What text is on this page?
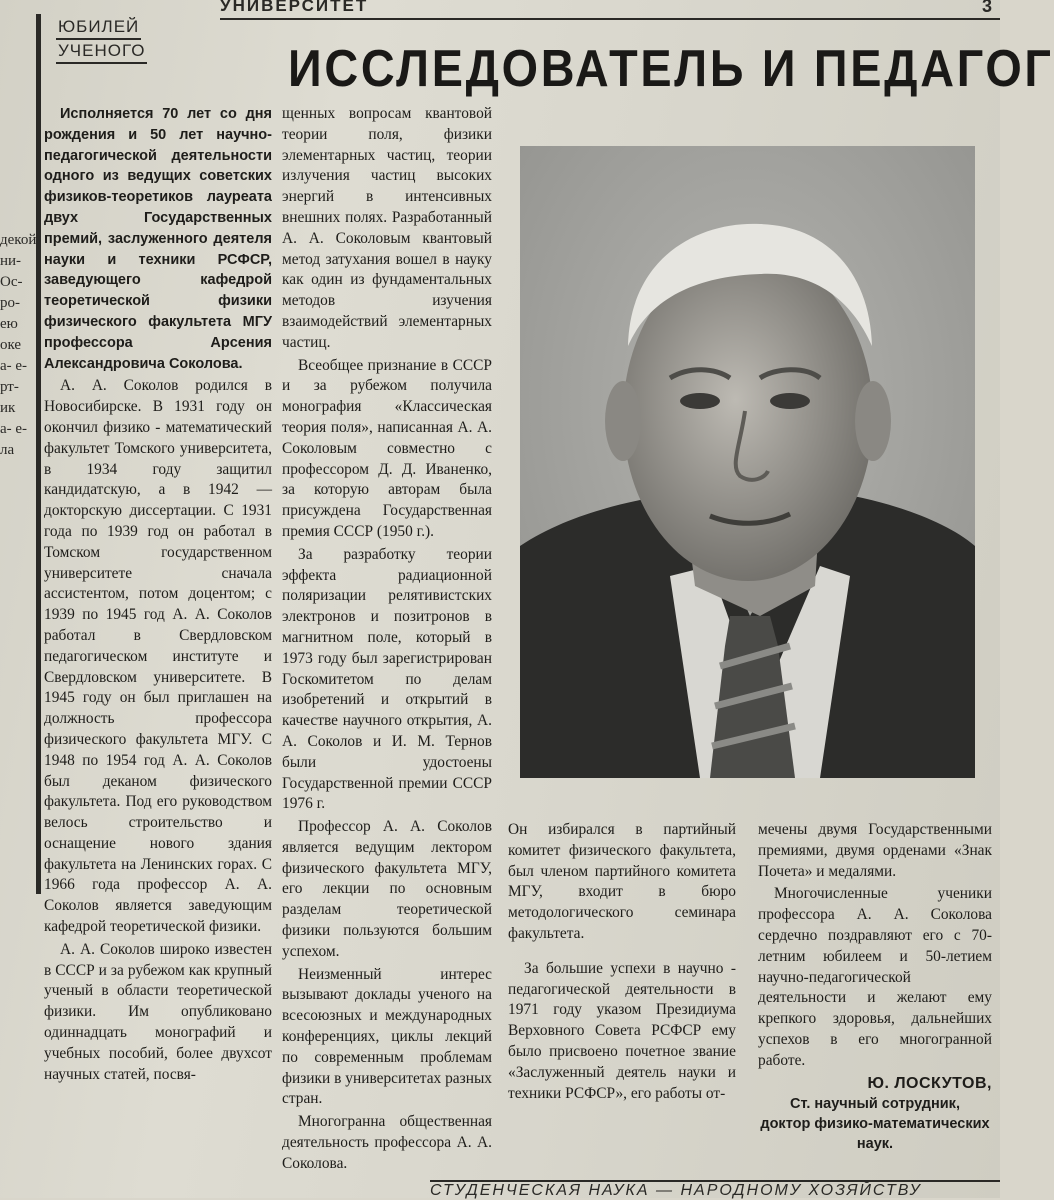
УНИВЕРСИТЕТ	3
декой ни- Ос- ро- ею оке а- е- рт- ик а- е- ла
ЮБИЛЕЙ
УЧЕНОГО	ИССЛЕДОВАТЕЛЬ И ПЕДАГОГ

Исполняется 70 лет со дня рождения и 50 лет научно-педагогической деятельности одного из ведущих советских физиков-теоретиков лауреата двух Государственных премий, заслуженного деятеля науки и техники РСФСР, заведующего кафедрой теоретической физики физического факультета МГУ профессора Арсения Александровича Соколова.

А. А. Соколов родился в Новосибирске. В 1931 году он окончил физико - математический факультет Томского университета, в 1934 году защитил кандидатскую, а в 1942 — докторскую диссертации. С 1931 года по 1939 год он работал в Томском государственном университете сначала ассистентом, потом доцентом; с 1939 по 1945 год А. А. Соколов работал в Свердловском педагогическом институте и Свердловском университете. В 1945 году он был приглашен на должность профессора физического факультета МГУ. С 1948 по 1954 год А. А. Соколов был деканом физического факультета. Под его руководством велось строительство и оснащение нового здания факультета на Ленинских горах. С 1966 года профессор А. А. Соколов является заведующим кафедрой теоретической физики.

А. А. Соколов широко известен в СССР и за рубежом как крупный ученый в области теоретической физики. Им опубликовано одиннадцать монографий и учебных пособий, более двухсот научных статей, посвя-

щенных вопросам квантовой теории поля, физики элементарных частиц, теории излучения частиц высоких энергий в интенсивных внешних полях. Разработанный А. А. Соколовым квантовый метод затухания вошел в науку как один из фундаментальных методов изучения взаимодействий элементарных частиц.

Всеобщее признание в СССР и за рубежом получила монография «Классическая теория поля», написанная А. А. Соколовым совместно с профессором Д. Д. Иваненко, за которую авторам была присуждена Государственная премия СССР (1950 г.).

За разработку теории эффекта радиационной поляризации релятивистских электронов и позитронов в магнитном поле, который в 1973 году был зарегистрирован Госкомитетом по делам изобретений и открытий в качестве научного открытия, А. А. Соколов и И. М. Тернов были удостоены Государственной премии СССР 1976 г.

Профессор А. А. Соколов является ведущим лектором физического факультета МГУ, его лекции по основным разделам теоретической физики пользуются большим успехом.

Неизменный интерес вызывают доклады ученого на всесоюзных и международных конференциях, циклы лекций по современным проблемам физики в университетах разных стран.

Многогранна общественная деятельность профессора А. А. Соколова.

Он избирался в партийный комитет физического факультета, был членом партийного комитета МГУ, входит в бюро методологического семинара факультета.

За большие успехи в научно - педагогической деятельности в 1971 году указом Президиума Верховного Совета РСФСР ему было присвоено почетное звание «Заслуженный деятель науки и техники РСФСР», его работы от-

мечены двумя Государственными премиями, двумя орденами «Знак Почета» и медалями.

Многочисленные ученики профессора А. А. Соколова сердечно поздравляют его с 70-летним юбилеем и 50-летием научно-педагогической деятельности и желают ему крепкого здоровья, дальнейших успехов в его многогранной работе.

Ю. ЛОСКУТОВ,
Ст. научный сотрудник,
доктор физико-математических наук.
СТУДЕНЧЕСКАЯ НАУКА — НАРОДНОМУ ХОЗЯЙСТВУ
